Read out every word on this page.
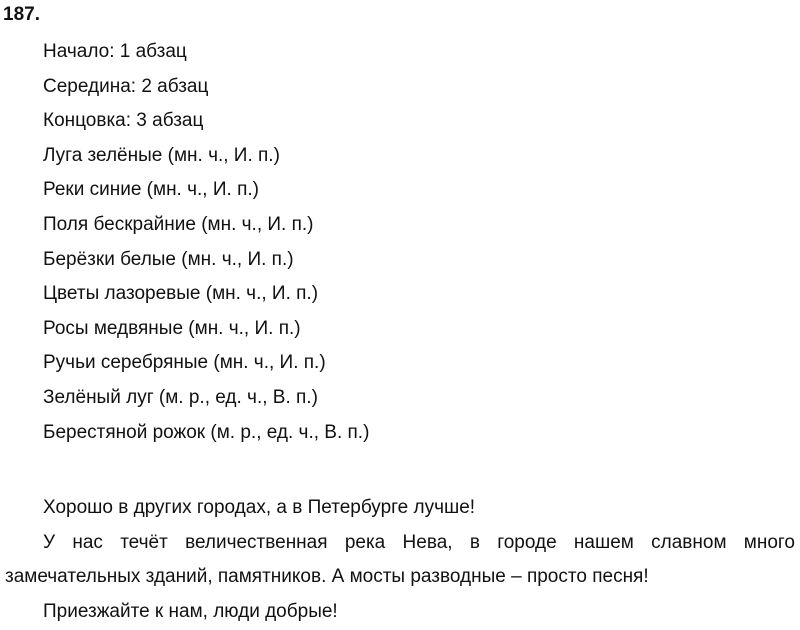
187.
Начало: 1 абзац
Середина: 2 абзац
Концовка: 3 абзац
Луга зелёные (мн. ч., И. п.)
Реки синие (мн. ч., И. п.)
Поля бескрайние (мн. ч., И. п.)
Берёзки белые (мн. ч., И. п.)
Цветы лазоревые (мн. ч., И. п.)
Росы медвяные (мн. ч., И. п.)
Ручьи серебряные (мн. ч., И. п.)
Зелёный луг (м. р., ед. ч., В. п.)
Берестяной рожок (м. р., ед. ч., В. п.)

Хорошо в других городах, а в Петербурге лучше!

У нас течёт величественная река Нева, в городе нашем славном много замечательных зданий, памятников. А мосты разводные – просто песня!

Приезжайте к нам, люди добрые!
